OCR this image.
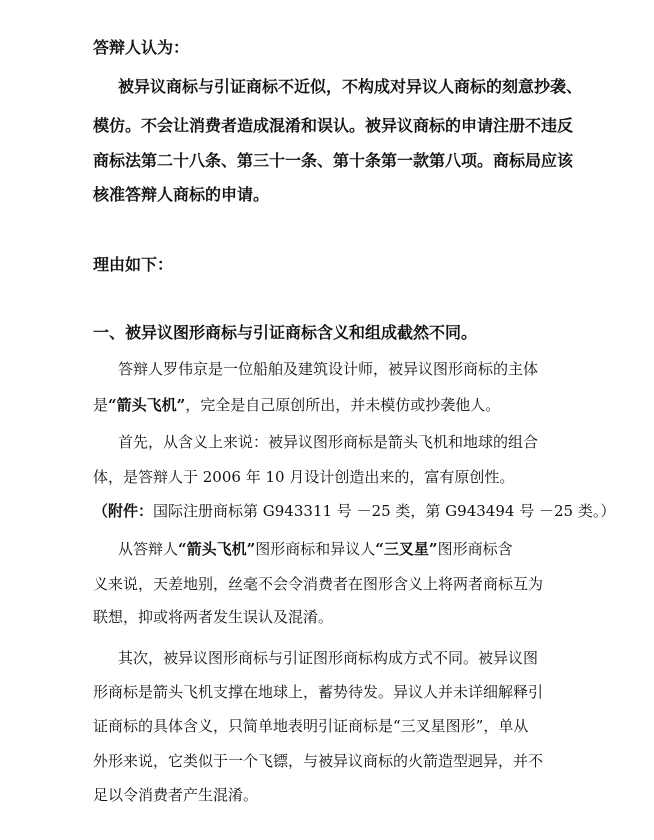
答辩人认为：
被异议商标与引证商标不近似，不构成对异议人商标的刻意抄袭、
模仿。不会让消费者造成混淆和误认。被异议商标的申请注册不违反
商标法第二十八条、第三十一条、第十条第一款第八项。商标局应该
核准答辩人商标的申请。
理由如下：
一、被异议图形商标与引证商标含义和组成截然不同。
答辩人罗伟京是一位船舶及建筑设计师，被异议图形商标的主体
是“箭头飞机”，完全是自己原创所出，并未模仿或抄袭他人。
首先，从含义上来说：被异议图形商标是箭头飞机和地球的组合
体，是答辩人于 2006 年 10 月设计创造出来的，富有原创性。
（附件：国际注册商标第 G943311 号 －25 类，第 G943494 号 －25 类。）
从答辩人“箭头飞机”图形商标和异议人“三叉星”图形商标含
义来说，天差地别，丝毫不会令消费者在图形含义上将两者商标互为
联想，抑或将两者发生误认及混淆。
其次，被异议图形商标与引证图形商标构成方式不同。被异议图
形商标是箭头飞机支撑在地球上，蓄势待发。异议人并未详细解释引
证商标的具体含义，只简单地表明引证商标是“三叉星图形”，单从
外形来说，它类似于一个飞镖，与被异议商标的火箭造型迥异，并不
足以令消费者产生混淆。
